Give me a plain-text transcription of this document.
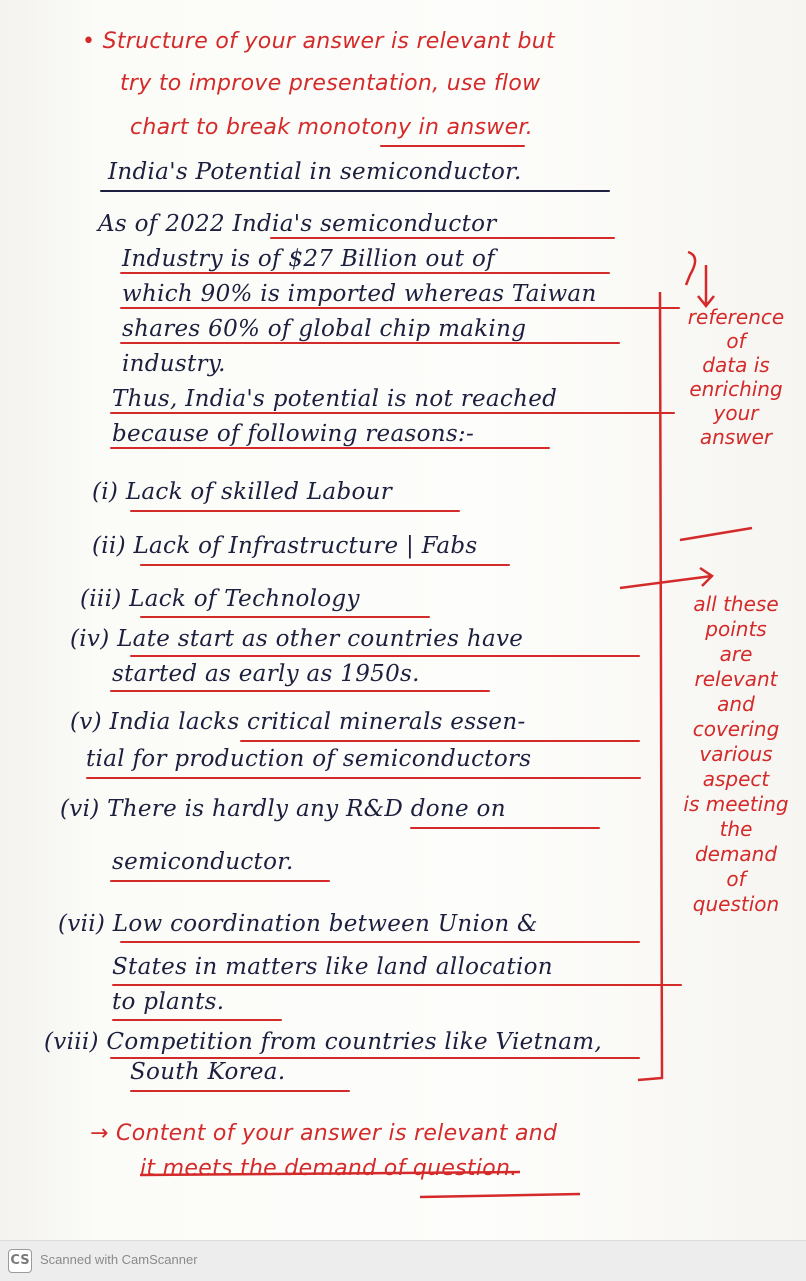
• Structure of your answer is relevant but
try to improve presentation, use flow
chart to break monotony in answer.
India's Potential in semiconductor.
As of 2022 India's semiconductor
Industry is of $27 Billion out of
which 90% is imported whereas Taiwan
shares 60% of global chip making
industry.
Thus, India's potential is not reached
because of following reasons:-
(i) Lack of skilled Labour
(ii) Lack of Infrastructure | Fabs
(iii) Lack of Technology
(iv) Late start as other countries have
started as early as 1950s.
(v) India lacks critical minerals essen-
tial for production of semiconductors
(vi) There is hardly any R&D done on
semiconductor.
(vii) Low coordination between Union &
States in matters like land allocation
to plants.
(viii) Competition from countries like Vietnam,
South Korea.
reference
of
data is
enriching
your
answer
all these
points
are
relevant
and
covering
various
aspect
is meeting
the
demand
of
question
→ Content of your answer is relevant and
it meets the demand of question.
CS Scanned with CamScanner
